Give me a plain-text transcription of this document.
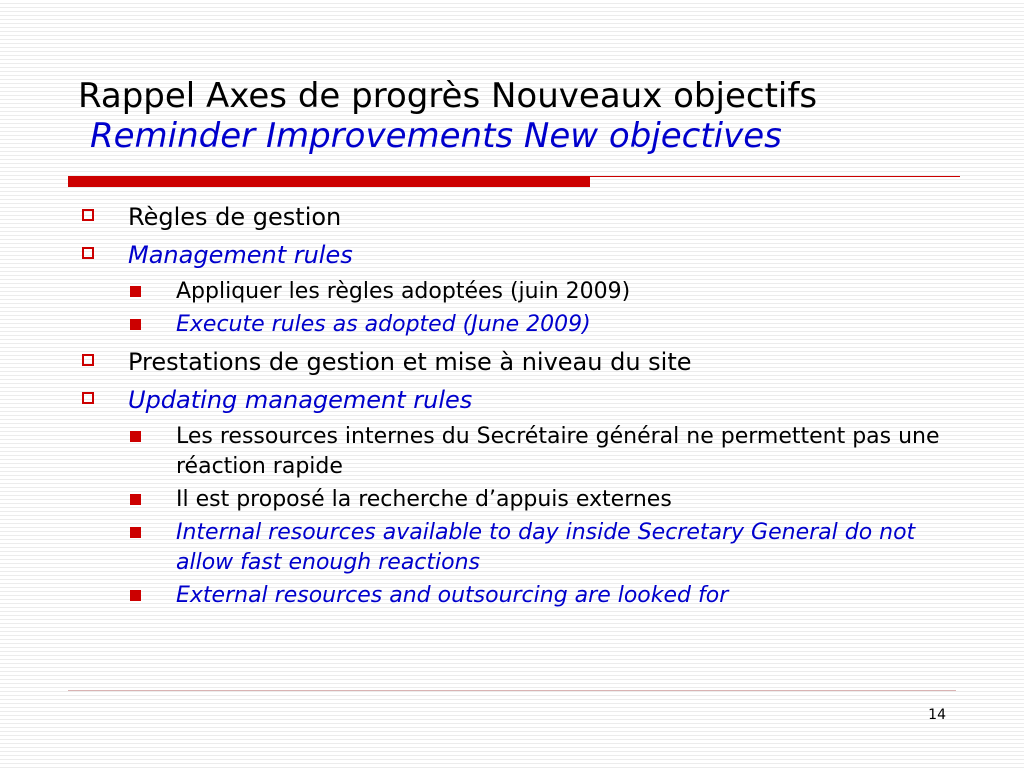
Rappel Axes de progrès Nouveaux objectifs
Reminder Improvements New objectives
Règles de gestion
Management rules
Appliquer les règles adoptées (juin 2009)
Execute rules as adopted (June 2009)
Prestations de gestion et mise à niveau du site
Updating management rules
Les ressources internes du Secrétaire général ne permettent pas une réaction rapide
Il est proposé la recherche d’appuis externes
Internal resources available to day inside Secretary General do not allow fast enough reactions
External resources and outsourcing are looked for
14
